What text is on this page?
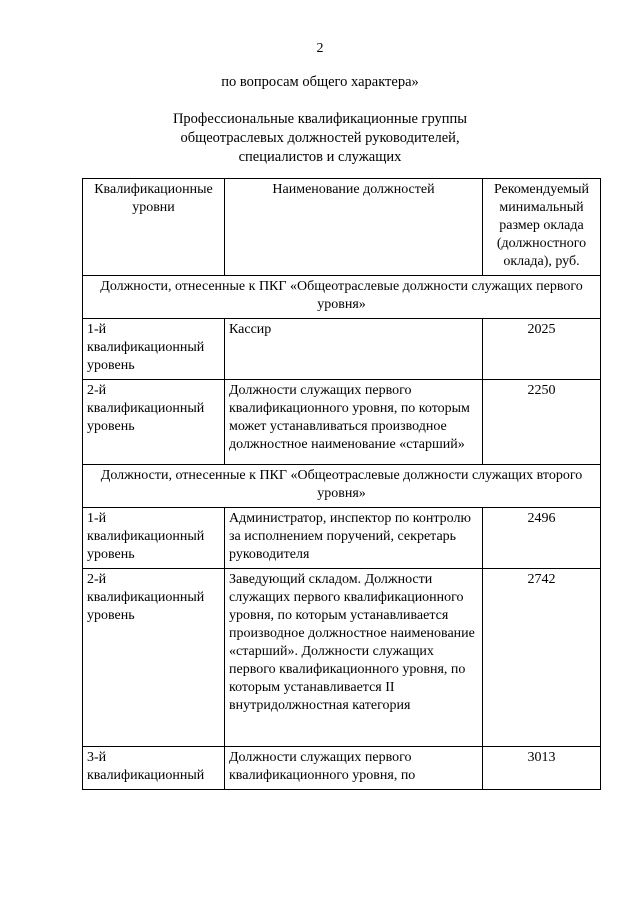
2
по вопросам общего характера»
Профессиональные квалификационные группы общеотраслевых должностей руководителей, специалистов и служащих
Квалификационные уровни	Наименование должностей	Рекомендуемый минимальный размер оклада (должностного оклада), руб.
Должности, отнесенные к ПКГ «Общеотраслевые должности служащих первого уровня»		
1-й квалификационный уровень	Кассир	2025
2-й квалификационный уровень	Должности служащих первого квалификационного уровня, по которым может устанавливаться производное должностное наименование «старший»	2250
Должности, отнесенные к ПКГ «Общеотраслевые должности служащих второго уровня»		
1-й квалификационный уровень	Администратор, инспектор по контролю за исполнением поручений, секретарь руководителя	2496
2-й квалификационный уровень	Заведующий складом. Должности служащих первого квалификационного уровня, по которым устанавливается производное должностное наименование «старший». Должности служащих первого квалификационного уровня, по которым устанавливается II внутридолжностная категория	2742
3-й квалификационный	Должности служащих первого квалификационного уровня, по	3013
